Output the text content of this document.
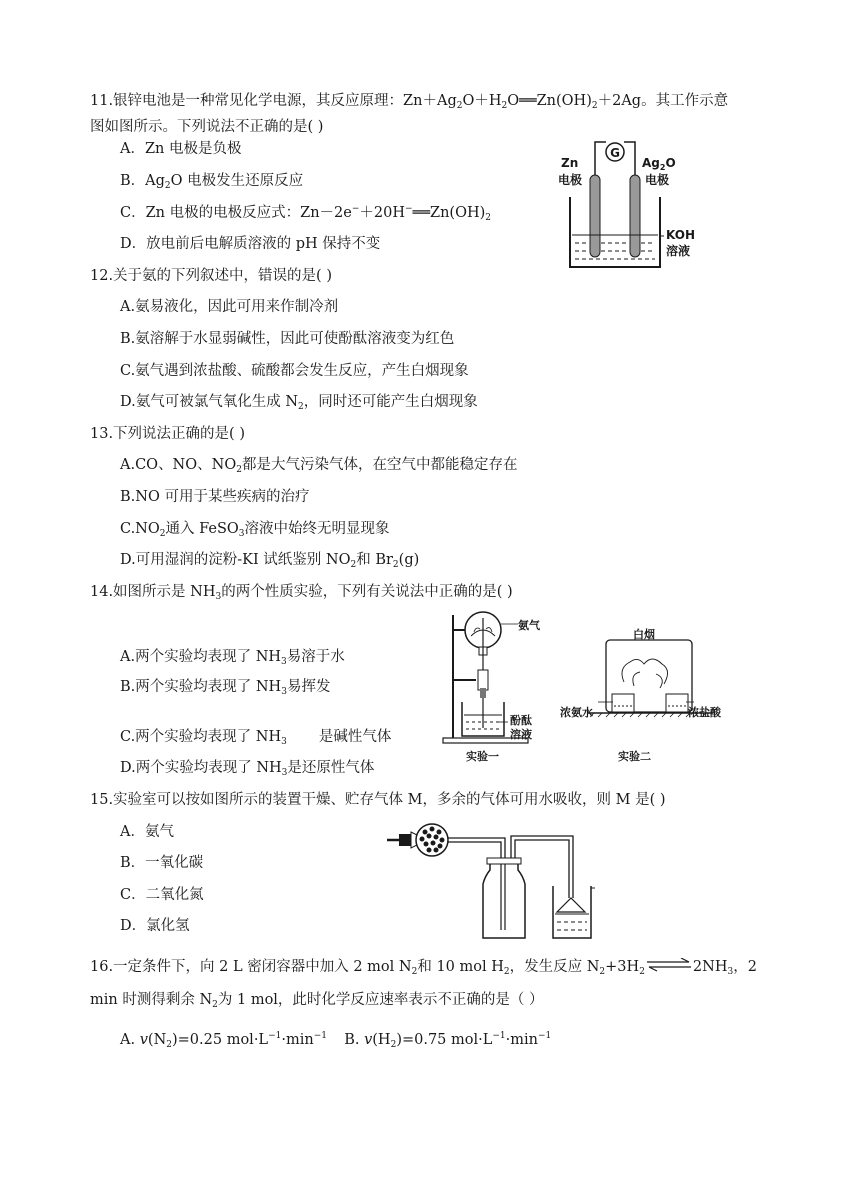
11.银锌电池是一种常见化学电源，其反应原理：$Zn+Ag_2O+H_2O══Zn(OH)_2+2Ag$。其工作示意
图如图所示。下列说法不正确的是( )
A．Zn 电极是负极
B．$Ag_2O$ 电极发生还原反应
C．Zn 电极的电极反应式：$Zn-2e^-+20H^-══Zn(OH)_2$
D．放电前后电解质溶液的 pH 保持不变
G
Zn
电极
$Ag_2O$
电极
KOH
溶液
12.关于氨的下列叙述中，错误的是( )
A.氨易液化，因此可用来作制冷剂
B.氨溶解于水显弱碱性，因此可使酚酞溶液变为红色
C.氨气遇到浓盐酸、硫酸都会发生反应，产生白烟现象
D.氨气可被氯气氧化生成 $N_2$，同时还可能产生白烟现象
13.下列说法正确的是( )
A.CO、NO、$NO_2$都是大气污染气体，在空气中都能稳定存在
B.NO 可用于某些疾病的治疗
$C.NO_2$通入 FeSO$_3$溶液中始终无明显现象
D.可用湿润的淀粉-KI 试纸鉴别 $NO_2$和 $Br_2(g)$
14.如图所示是 $NH_3$的两个性质实验，下列有关说法中正确的是( )
A.两个实验均表现了 $NH_3$易溶于水
B.两个实验均表现了 $NH_3$易挥发
C.两个实验均表现了 $NH_3$ 是碱性气体
D.两个实验均表现了 $NH_3$是还原性气体
氨气
酚酞
溶液
实验一
白烟
浓氨水	浓盐酸
实验二
15.实验室可以按如图所示的装置干燥、贮存气体 M，多余的气体可用水吸收，则 M 是( )
A．氨气
B．一氧化碳
C．二氧化氮
D．氯化氢
16.一定条件下，向 2 L 密闭容器中加入 2 mol $N_2$和 10 mol $H_2$，发生反应 $N_2+3H_2\rightleftharpoons 2NH_3$，2
min 时测得剩余 $N_2$为 1 mol，此时化学反应速率表示不正确的是（ ）
A. $v(N_2)=0.25$ $mol\cdot L^{-1}\cdot\min^{-1}$ B. $v(H_2)=0.75$ $mol\cdot L^{-1}\cdot\min^{-1}$
